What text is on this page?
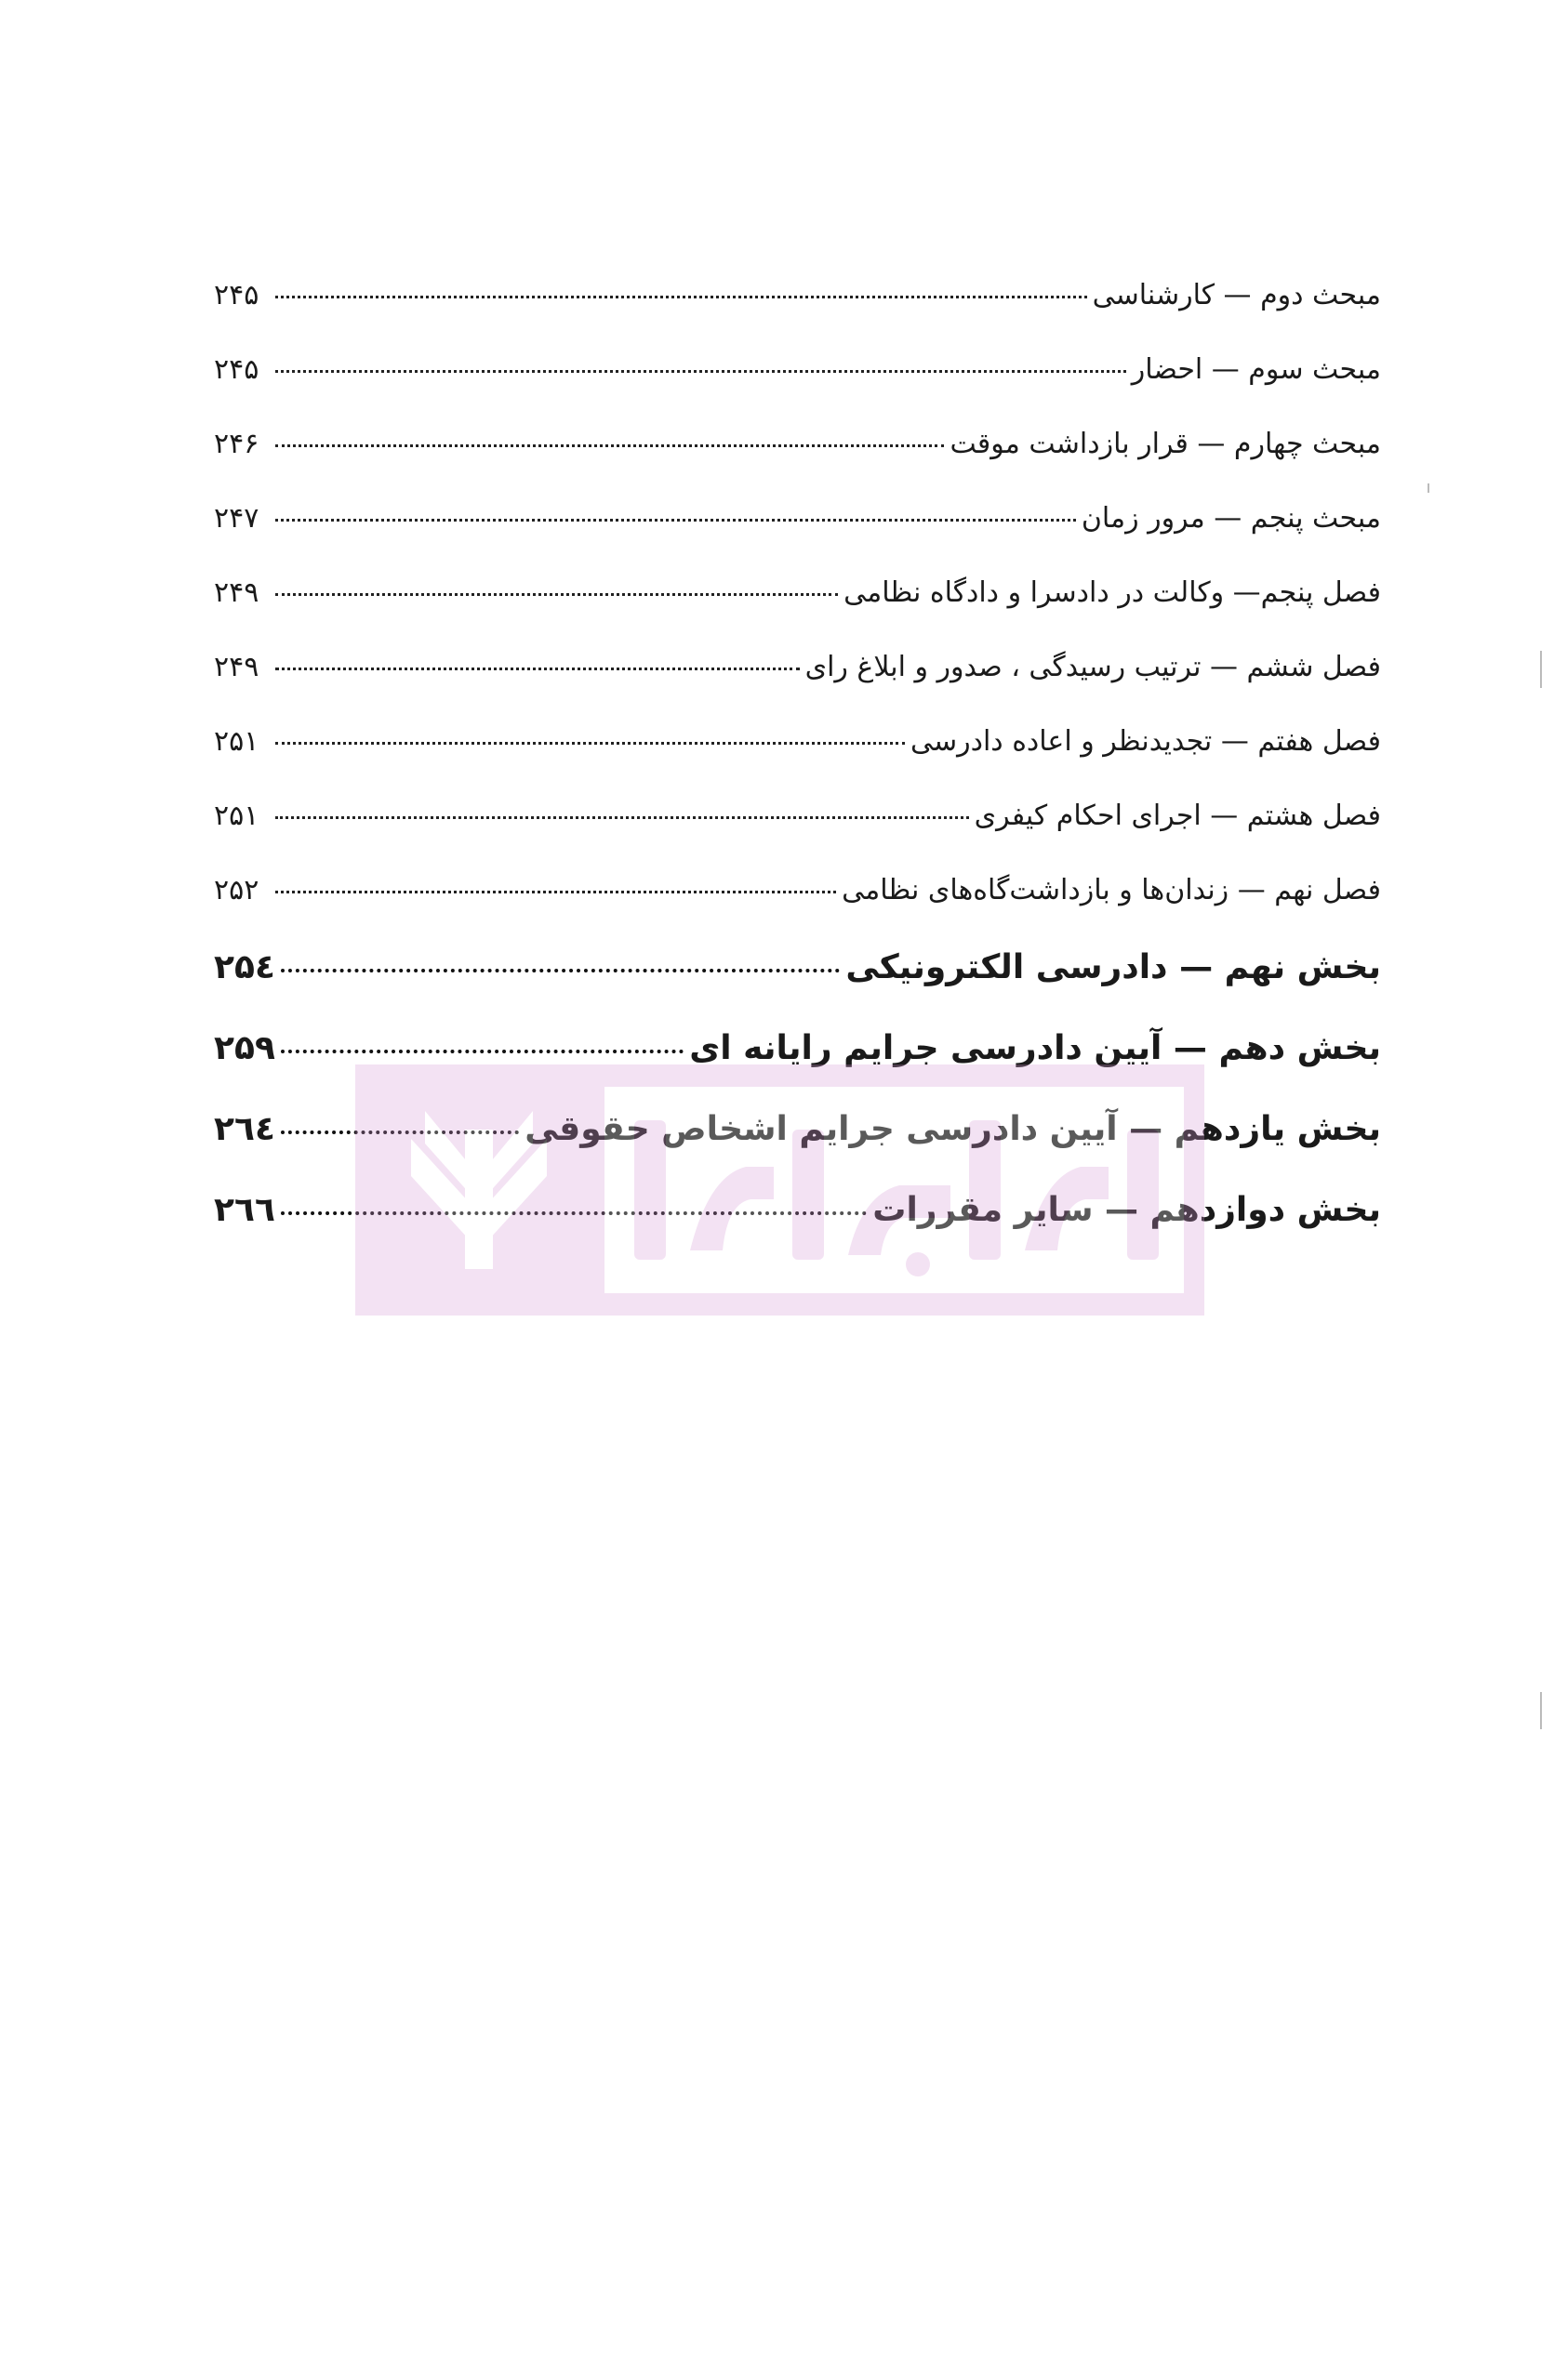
مبحث دوم — کارشناسی
۲۴۵
مبحث سوم — احضار
۲۴۵
مبحث چهارم — قرار بازداشت موقت
۲۴۶
مبحث پنجم — مرور زمان
۲۴۷
فصل پنجم— وکالت در دادسرا و دادگاه نظامی
۲۴۹
فصل ششم — ترتیب رسیدگی ، صدور و ابلاغ رای
۲۴۹
فصل هفتم — تجدیدنظر و اعاده دادرسی
۲۵۱
فصل هشتم — اجرای احکام کیفری
۲۵۱
فصل نهم — زندان‌ها و بازداشت‌گاه‌های نظامی
۲۵۲
بخش نهم — دادرسی الکترونیکی
۲۵٤
بخش دهم — آیین دادرسی جرایم رایانه ای
۲۵۹
بخش یازدهم — آیین دادرسی جرایم اشخاص حقوقی
۲٦٤
بخش دوازدهم — سایر مقررات
۲٦٦
